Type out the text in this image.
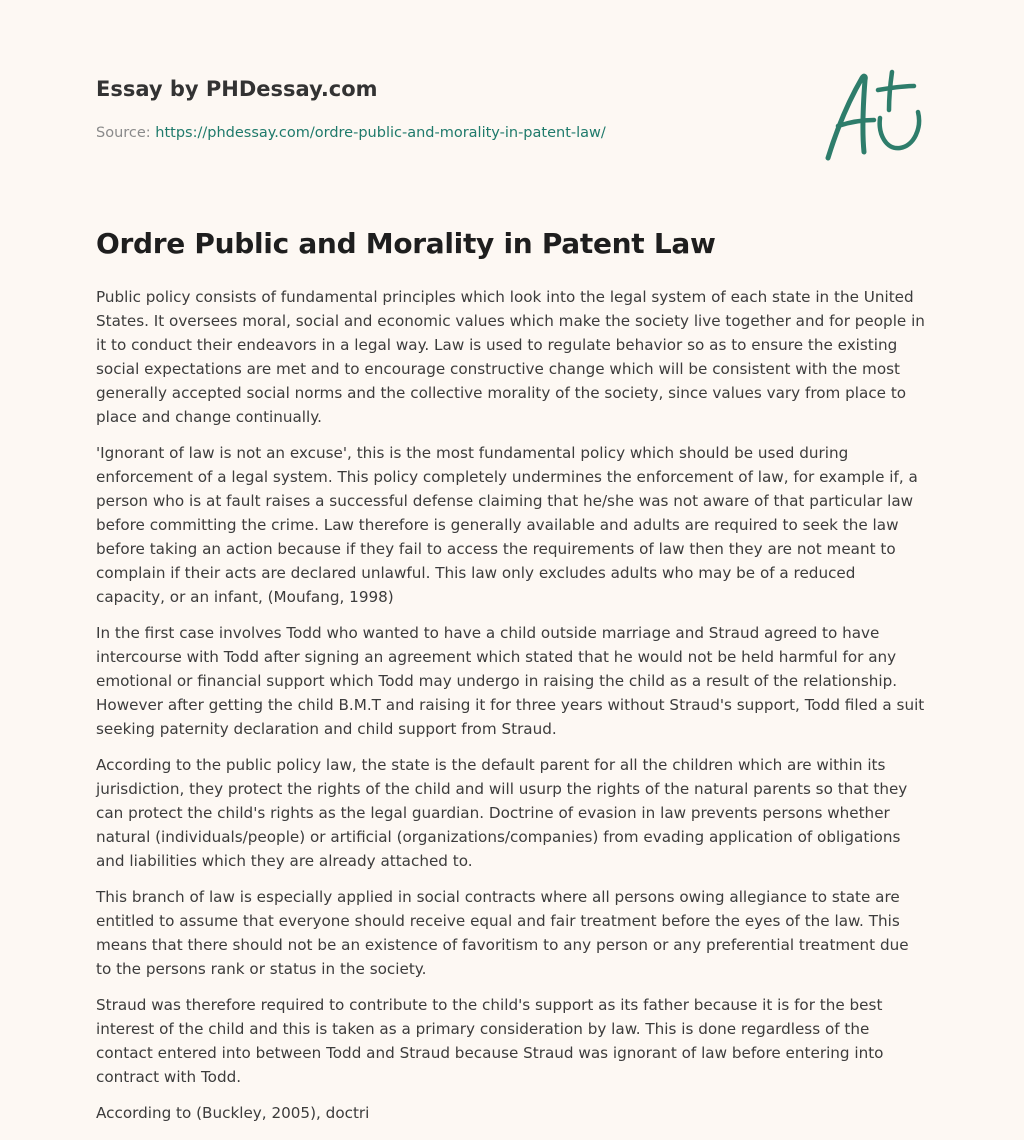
Essay by PHDessay.com

Source: https://phdessay.com/ordre-public-and-morality-in-patent-law/
Ordre Public and Morality in Patent Law

Public policy consists of fundamental principles which look into the legal system of each state in the United States. It oversees moral, social and economic values which make the society live together and for people in it to conduct their endeavors in a legal way. Law is used to regulate behavior so as to ensure the existing social expectations are met and to encourage constructive change which will be consistent with the most generally accepted social norms and the collective morality of the society, since values vary from place to place and change continually.

'Ignorant of law is not an excuse', this is the most fundamental policy which should be used during enforcement of a legal system. This policy completely undermines the enforcement of law, for example if, a person who is at fault raises a successful defense claiming that he/she was not aware of that particular law before committing the crime. Law therefore is generally available and adults are required to seek the law before taking an action because if they fail to access the requirements of law then they are not meant to complain if their acts are declared unlawful. This law only excludes adults who may be of a reduced capacity, or an infant, (Moufang, 1998)

In the first case involves Todd who wanted to have a child outside marriage and Straud agreed to have intercourse with Todd after signing an agreement which stated that he would not be held harmful for any emotional or financial support which Todd may undergo in raising the child as a result of the relationship. However after getting the child B.M.T and raising it for three years without Straud's support, Todd filed a suit seeking paternity declaration and child support from Straud.

According to the public policy law, the state is the default parent for all the children which are within its jurisdiction, they protect the rights of the child and will usurp the rights of the natural parents so that they can protect the child's rights as the legal guardian. Doctrine of evasion in law prevents persons whether natural (individuals/people) or artificial (organizations/companies) from evading application of obligations and liabilities which they are already attached to.

This branch of law is especially applied in social contracts where all persons owing allegiance to state are entitled to assume that everyone should receive equal and fair treatment before the eyes of the law. This means that there should not be an existence of favoritism to any person or any preferential treatment due to the persons rank or status in the society.

Straud was therefore required to contribute to the child's support as its father because it is for the best interest of the child and this is taken as a primary consideration by law. This is done regardless of the contact entered into between Todd and Straud because Straud was ignorant of law before entering into contract with Todd.

According to (Buckley, 2005), doctri
